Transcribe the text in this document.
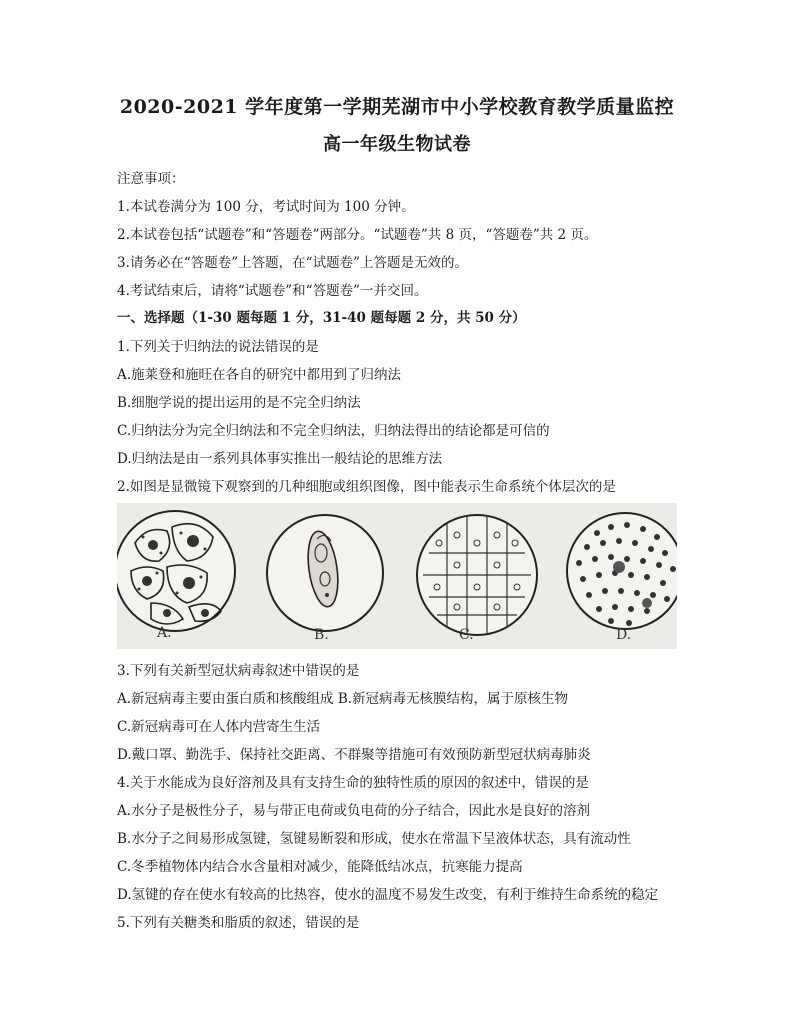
2020-2021 学年度第一学期芜湖市中小学校教育教学质量监控
高一年级生物试卷
注意事项：
1.本试卷满分为 100 分，考试时间为 100 分钟。
2.本试卷包括“试题卷”和“答题卷”两部分。“试题卷”共 8 页，“答题卷”共 2 页。
3.请务必在“答题卷”上答题，在“试题卷”上答题是无效的。
4.考试结束后，请将“试题卷”和“答题卷”一并交回。
一、选择题（1-30 题每题 1 分，31-40 题每题 2 分，共 50 分）
1.下列关于归纳法的说法错误的是
A.施莱登和施旺在各自的研究中都用到了归纳法
B.细胞学说的提出运用的是不完全归纳法
C.归纳法分为完全归纳法和不完全归纳法，归纳法得出的结论都是可信的
D.归纳法是由一系列具体事实推出一般结论的思维方法
2.如图是显微镜下观察到的几种细胞或组织图像，图中能表示生命系统个体层次的是
A.	B.	C.	D.
3.下列有关新型冠状病毒叙述中错误的是
A.新冠病毒主要由蛋白质和核酸组成 B.新冠病毒无核膜结构，属于原核生物
C.新冠病毒可在人体内营寄生生活
D.戴口罩、勤洗手、保持社交距离、不群聚等措施可有效预防新型冠状病毒肺炎
4.关于水能成为良好溶剂及具有支持生命的独特性质的原因的叙述中，错误的是
A.水分子是极性分子，易与带正电荷或负电荷的分子结合，因此水是良好的溶剂
B.水分子之间易形成氢键，氢键易断裂和形成，使水在常温下呈液体状态，具有流动性
C.冬季植物体内结合水含量相对减少，能降低结冰点，抗寒能力提高
D.氢键的存在使水有较高的比热容，使水的温度不易发生改变，有利于维持生命系统的稳定
5.下列有关糖类和脂质的叙述，错误的是
